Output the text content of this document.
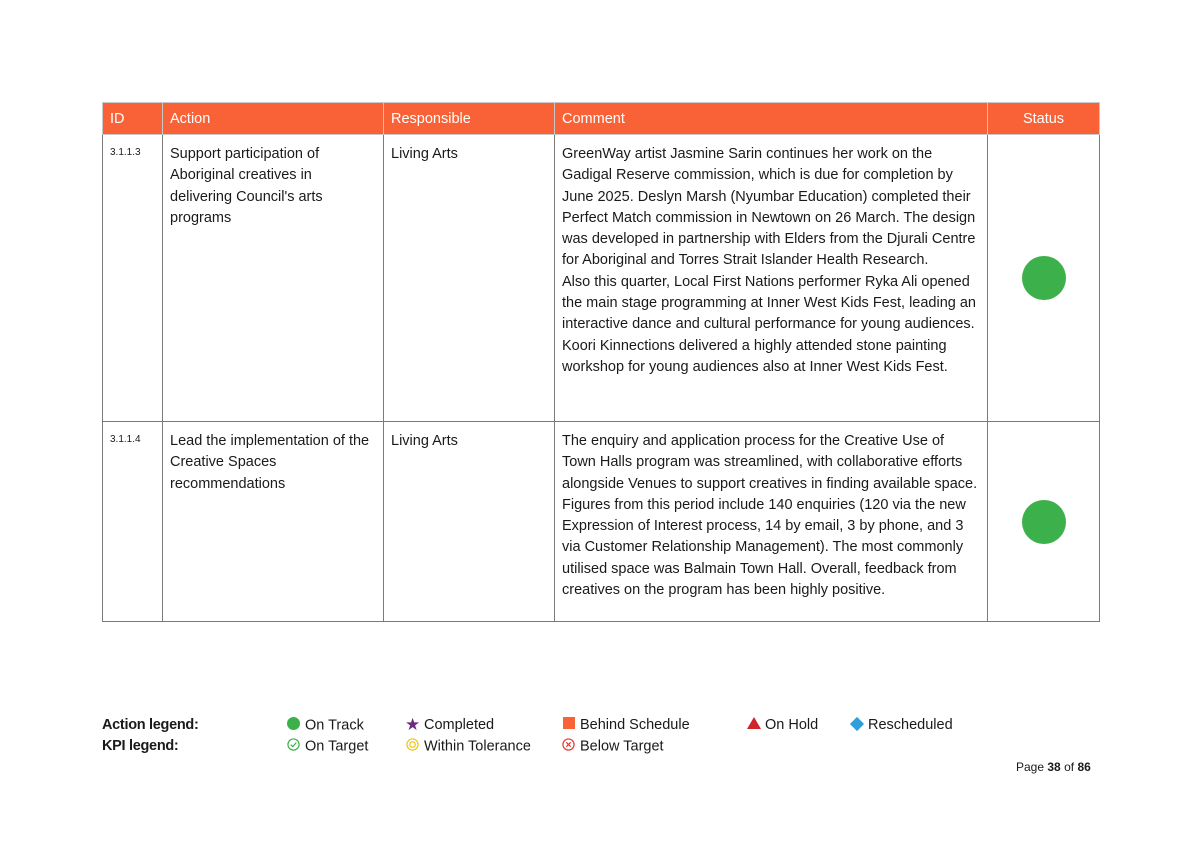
ID	Action	Responsible	Comment	Status
3.1.1.3	Support participation of Aboriginal creatives in delivering Council's arts programs	Living Arts	GreenWay artist Jasmine Sarin continues her work on the Gadigal Reserve commission, which is due for completion by June 2025. Deslyn Marsh (Nyumbar Education) completed their Perfect Match commission in Newtown on 26 March. The design was developed in partnership with Elders from the Djurali Centre for Aboriginal and Torres Strait Islander Health Research.
Also this quarter, Local First Nations performer Ryka Ali opened the main stage programming at Inner West Kids Fest, leading an interactive dance and cultural performance for young audiences. Koori Kinnections delivered a highly attended stone painting workshop for young audiences also at Inner West Kids Fest.	

3.1.1.4	Lead the implementation of the Creative Spaces recommendations	Living Arts	The enquiry and application process for the Creative Use of Town Halls program was streamlined, with collaborative efforts alongside Venues to support creatives in finding available space. Figures from this period include 140 enquiries (120 via the new Expression of Interest process, 14 by email, 3 by phone, and 3 via Customer Relationship Management). The most commonly utilised space was Balmain Town Hall. Overall, feedback from creatives on the program has been highly positive.	

Action legend:	On Track ★ Completed	Behind Schedule	On Hold	Rescheduled
KPI legend:	On Target	Within Tolerance	Below Target
Page 38 of 86
